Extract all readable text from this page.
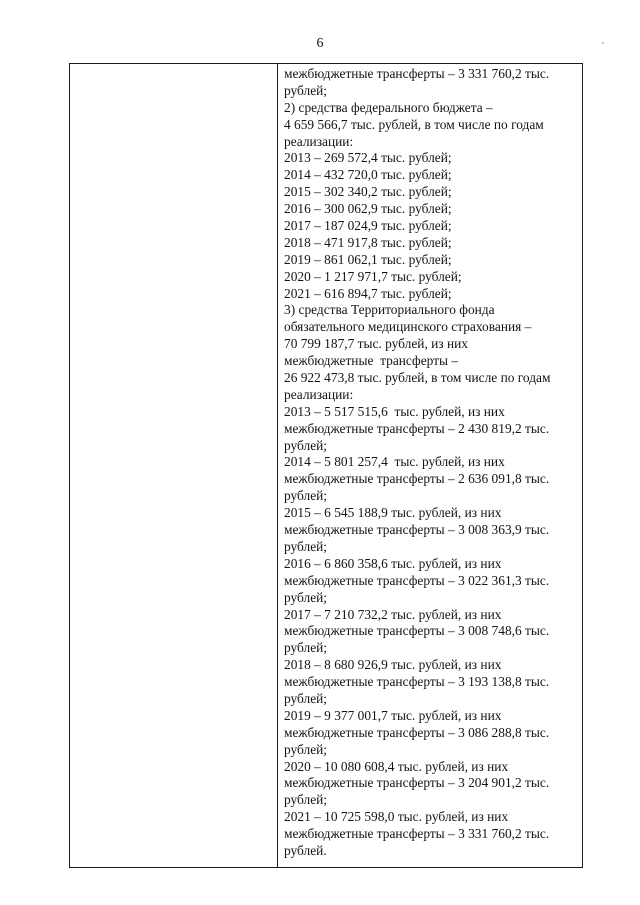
6
межбюджетные трансферты – 3 331 760,2 тыс.
рублей;
2) средства федерального бюджета –
4 659 566,7 тыс. рублей, в том числе по годам
реализации:
2013 – 269 572,4 тыс. рублей;
2014 – 432 720,0 тыс. рублей;
2015 – 302 340,2 тыс. рублей;
2016 – 300 062,9 тыс. рублей;
2017 – 187 024,9 тыс. рублей;
2018 – 471 917,8 тыс. рублей;
2019 – 861 062,1 тыс. рублей;
2020 – 1 217 971,7 тыс. рублей;
2021 – 616 894,7 тыс. рублей;
3) средства Территориального фонда
обязательного медицинского страхования –
70 799 187,7 тыс. рублей, из них
межбюджетные  трансферты –
26 922 473,8 тыс. рублей, в том числе по годам
реализации:
2013 – 5 517 515,6  тыс. рублей, из них
межбюджетные трансферты – 2 430 819,2 тыс.
рублей;
2014 – 5 801 257,4  тыс. рублей, из них
межбюджетные трансферты – 2 636 091,8 тыс.
рублей;
2015 – 6 545 188,9 тыс. рублей, из них
межбюджетные трансферты – 3 008 363,9 тыс.
рублей;
2016 – 6 860 358,6 тыс. рублей, из них
межбюджетные трансферты – 3 022 361,3 тыс.
рублей;
2017 – 7 210 732,2 тыс. рублей, из них
межбюджетные трансферты – 3 008 748,6 тыс.
рублей;
2018 – 8 680 926,9 тыс. рублей, из них
межбюджетные трансферты – 3 193 138,8 тыс.
рублей;
2019 – 9 377 001,7 тыс. рублей, из них
межбюджетные трансферты – 3 086 288,8 тыс.
рублей;
2020 – 10 080 608,4 тыс. рублей, из них
межбюджетные трансферты – 3 204 901,2 тыс.
рублей;
2021 – 10 725 598,0 тыс. рублей, из них
межбюджетные трансферты – 3 331 760,2 тыс.
рублей.
